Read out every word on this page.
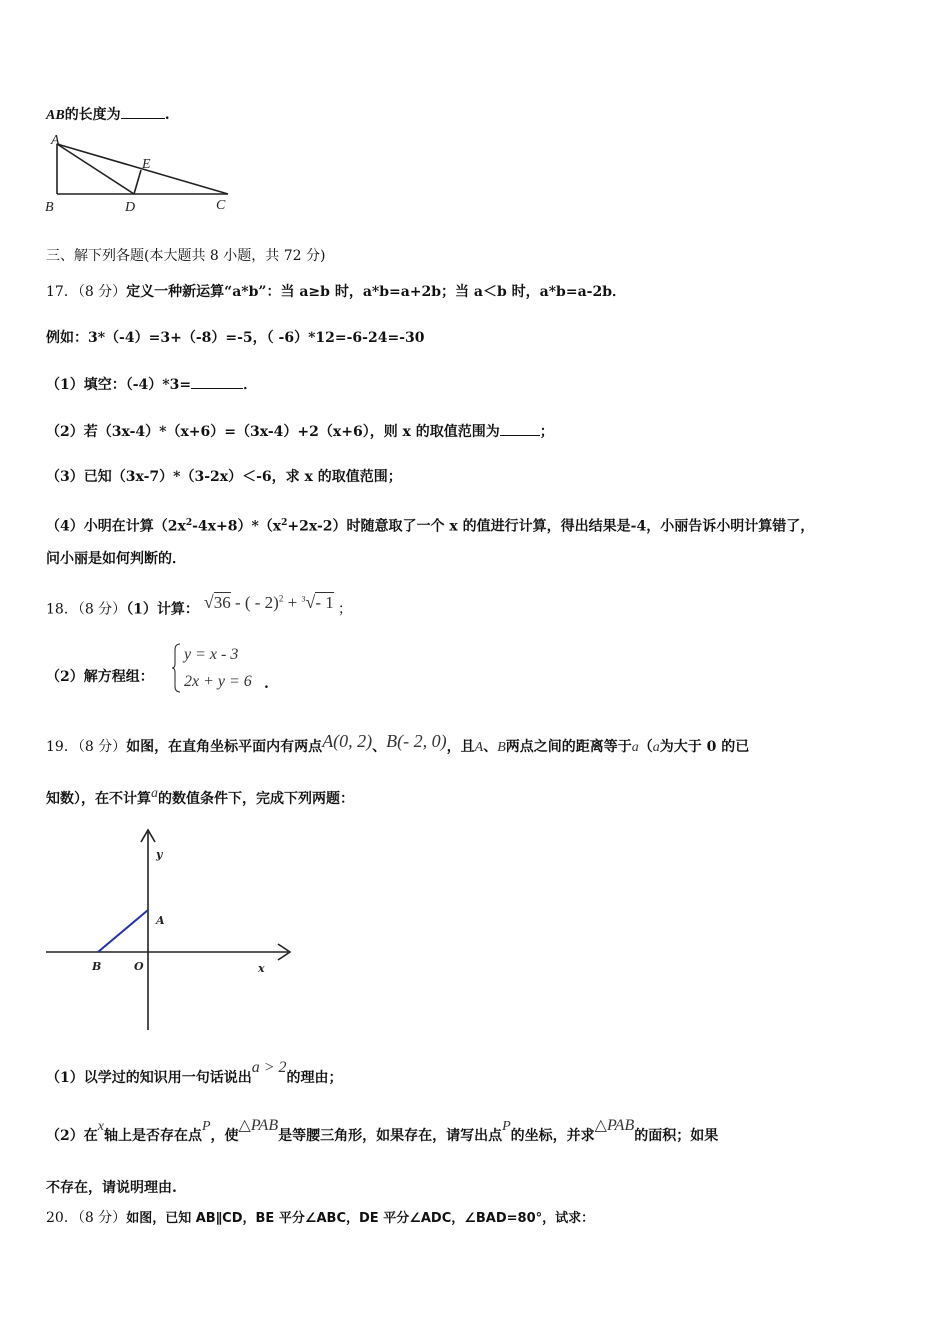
AB的长度为	.
A
B	D
E
C
三、解下列各题(本大题共 8 小题，共 72 分)
17．（8 分）定义一种新运算“a*b”：当 a≥b 时，a*b=a+2b；当 a＜b 时，a*b=a-2b．
例如：3*（-4）=3+（-8）=-5，（ -6）*12=-6-24=-30
（1）填空：（-4）*3=	．
（2）若（3x-4）*（x+6）=（3x-4）+2（x+6），则 x 的取值范围为	；
（3）已知（3x-7）*（3-2x）＜-6，求 x 的取值范围；
（4）小明在计算$(2x^2-4x+8)*(x^2+2x-2)$时随意取了一个 x 的值进行计算，得出结果是-4，小丽告诉小明计算错了，
问小丽是如何判断的．
18．（8 分）（1）计算： √36 - ( - 2)$^2$ + $^3$√- 1 ；
（2）解方程组：
y = x - 3
2x + y = 6 .
19．（8 分）如图，在直角坐标平面内有两点A(0, 2)、B(- 2, 0)，且A、B两点之间的距离等于a（a为大于 0 的已
知数），在不计算a的数值条件下，完成下列两题：
y
A
B	O	x
（1）以学过的知识用一句话说出a > 2的理由；
（2）在x轴上是否存在点P，使△PAB是等腰三角形，如果存在，请写出点P的坐标，并求△PAB的面积；如果
不存在，请说明理由.
20．（8 分）如图，已知 AB∥CD，BE 平分∠ABC，DE 平分∠ADC，∠BAD=80°，试求：
